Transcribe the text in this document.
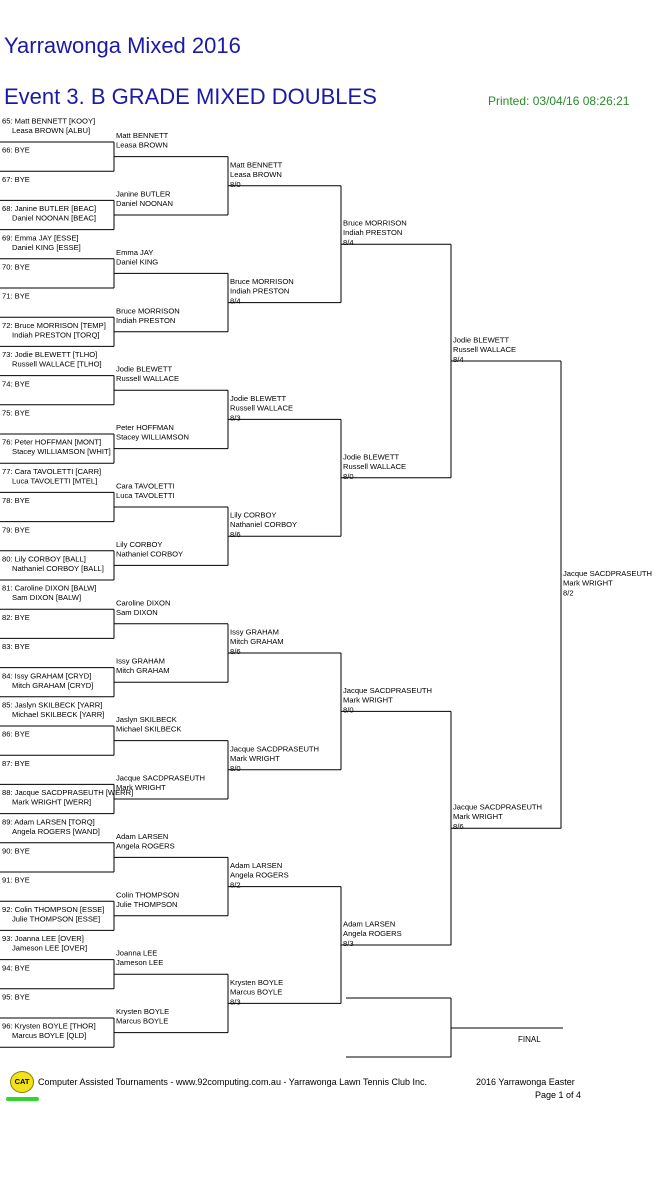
Yarrawonga Mixed 2016
Event 3. B GRADE MIXED DOUBLES	Printed: 03/04/16 08:26:21
65: Matt BENNETT [KOOY]
Leasa BROWN [ALBU]
66: BYE
67: BYE
68: Janine BUTLER [BEAC]
Daniel NOONAN [BEAC]
69: Emma JAY [ESSE]
Daniel KING [ESSE]
70: BYE
71: BYE
72: Bruce MORRISON [TEMP]
Indiah PRESTON [TORQ]
73: Jodie BLEWETT [TLHO]
Russell WALLACE [TLHO]
74: BYE
75: BYE
76: Peter HOFFMAN [MONT]
Stacey WILLIAMSON [WHIT]
77: Cara TAVOLETTI [CARR]
Luca TAVOLETTI [MTEL]
78: BYE
79: BYE
80: Lily CORBOY [BALL]
Nathaniel CORBOY [BALL]
81: Caroline DIXON [BALW]
Sam DIXON [BALW]
82: BYE
83: BYE
84: Issy GRAHAM [CRYD]
Mitch GRAHAM [CRYD]
85: Jaslyn SKILBECK [YARR]
Michael SKILBECK [YARR]
86: BYE
87: BYE
88: Jacque SACDPRASEUTH [WERR]
Mark WRIGHT [WERR]
89: Adam LARSEN [TORQ]
Angela ROGERS [WAND]
90: BYE
91: BYE
92: Colin THOMPSON [ESSE]
Julie THOMPSON [ESSE]
93: Joanna LEE [OVER]
Jameson LEE [OVER]
94: BYE
95: BYE
96: Krysten BOYLE [THOR]
Marcus BOYLE [QLD]
Matt BENNETT
Leasa BROWN
Janine BUTLER
Daniel NOONAN
Emma JAY
Daniel KING
Bruce MORRISON
Indiah PRESTON
Jodie BLEWETT
Russell WALLACE
Peter HOFFMAN
Stacey WILLIAMSON
Cara TAVOLETTI
Luca TAVOLETTI
Lily CORBOY
Nathaniel CORBOY
Caroline DIXON
Sam DIXON
Issy GRAHAM
Mitch GRAHAM
Jaslyn SKILBECK
Michael SKILBECK
Jacque SACDPRASEUTH
Mark WRIGHT
Adam LARSEN
Angela ROGERS
Colin THOMPSON
Julie THOMPSON
Joanna LEE
Jameson LEE
Krysten BOYLE
Marcus BOYLE
Matt BENNETT
Leasa BROWN
8/0
Bruce MORRISON
Indiah PRESTON
8/4
Jodie BLEWETT
Russell WALLACE
8/3
Lily CORBOY
Nathaniel CORBOY
8/6
Issy GRAHAM
Mitch GRAHAM
8/6
Jacque SACDPRASEUTH
Mark WRIGHT
8/0
Adam LARSEN
Angela ROGERS
8/2
Krysten BOYLE
Marcus BOYLE
8/3
Bruce MORRISON
Indiah PRESTON
8/4
Jodie BLEWETT
Russell WALLACE
8/0
Jacque SACDPRASEUTH
Mark WRIGHT
8/0
Adam LARSEN
Angela ROGERS
8/3
Jodie BLEWETT
Russell WALLACE
8/4
Jacque SACDPRASEUTH
Mark WRIGHT
8/6
Jacque SACDPRASEUTH
Mark WRIGHT
8/2
FINAL
CAT Computer Assisted Tournaments - www.92computing.com.au - Yarrawonga Lawn Tennis Club Inc.	2016 Yarrawonga Easter
Page 1 of 4
